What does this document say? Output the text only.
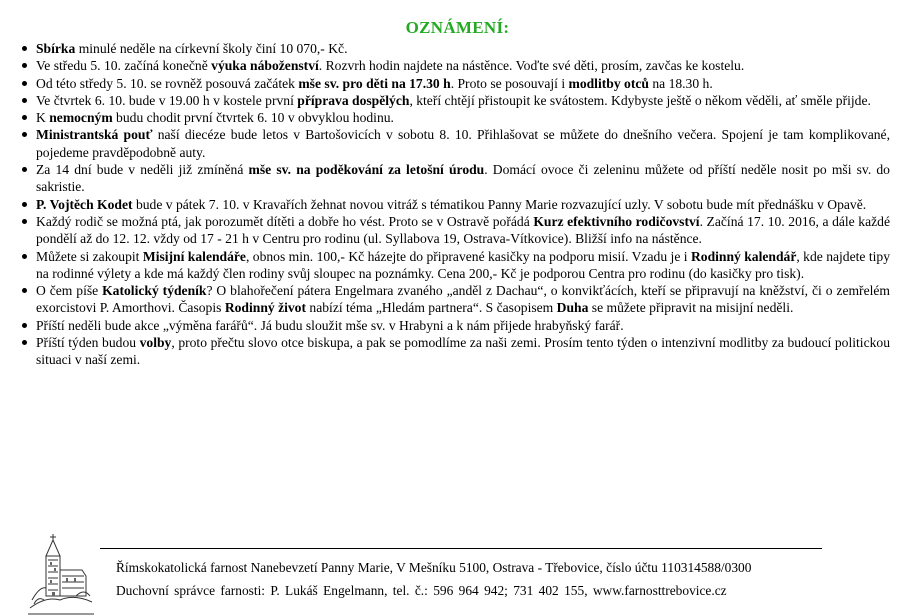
OZNÁMENÍ:
Sbírka minulé neděle na církevní školy činí 10 070,- Kč.
Ve středu 5. 10. začíná konečně výuka náboženství. Rozvrh hodin najdete na nástěnce. Voďte své děti, prosím, zavčas ke kostelu.
Od této středy 5. 10. se rovněž posouvá začátek mše sv. pro děti na 17.30 h. Proto se posouvají i modlitby otců na 18.30 h.
Ve čtvrtek 6. 10. bude v 19.00 h v kostele první příprava dospělých, kteří chtějí přistoupit ke svátostem. Kdybyste ještě o někom věděli, ať směle přijde.
K nemocným budu chodit první čtvrtek 6. 10 v obvyklou hodinu.
Ministrantská pouť naší diecéze bude letos v Bartošovicích v sobotu 8. 10. Přihlašovat se můžete do dnešního večera. Spojení je tam komplikované, pojedeme pravděpodobně auty.
Za 14 dní bude v neděli již zmíněná mše sv. na poděkování za letošní úrodu. Domácí ovoce či zeleninu můžete od příští neděle nosit po mši sv. do sakristie.
P. Vojtěch Kodet bude v pátek 7. 10. v Kravařích žehnat novou vitráž s tématikou Panny Marie rozvazující uzly. V sobotu bude mít přednášku v Opavě.
Každý rodič se možná ptá, jak porozumět dítěti a dobře ho vést. Proto se v Ostravě pořádá Kurz efektivního rodičovství. Začíná 17. 10. 2016, a dále každé pondělí až do 12. 12. vždy od 17 - 21 h v Centru pro rodinu (ul. Syllabova 19, Ostrava-Vítkovice). Bližší info na nástěnce.
Můžete si zakoupit Misijní kalendáře, obnos min. 100,- Kč házejte do připravené kasičky na podporu misií. Vzadu je i Rodinný kalendář, kde najdete tipy na rodinné výlety a kde má každý člen rodiny svůj sloupec na poznámky. Cena 200,- Kč je podporou Centra pro rodinu (do kasičky pro tisk).
O čem píše Katolický týdeník? O blahořečení pátera Engelmara zvaného „anděl z Dachau“, o konvikťácích, kteří se připravují na kněžství, či o zemřelém exorcistovi P. Amorthovi. Časopis Rodinný život nabízí téma „Hledám partnera“. S časopisem Duha se můžete připravit na misijní neděli.
Příští neděli bude akce „výměna farářů“. Já budu sloužit mše sv. v Hrabyni a k nám přijede hrabyňský farář.
Příští týden budou volby, proto přečtu slovo otce biskupa, a pak se pomodlíme za naši zemi. Prosím tento týden o intenzivní modlitby za budoucí politickou situaci v naší zemi.
Římskokatolická farnost Nanebevzetí Panny Marie, V Mešníku 5100, Ostrava - Třebovice, číslo účtu 110314588/0300
Duchovní správce farnosti: P. Lukáš Engelmann, tel. č.: 596 964 942; 731 402 155, www.farnosttrebovice.cz
